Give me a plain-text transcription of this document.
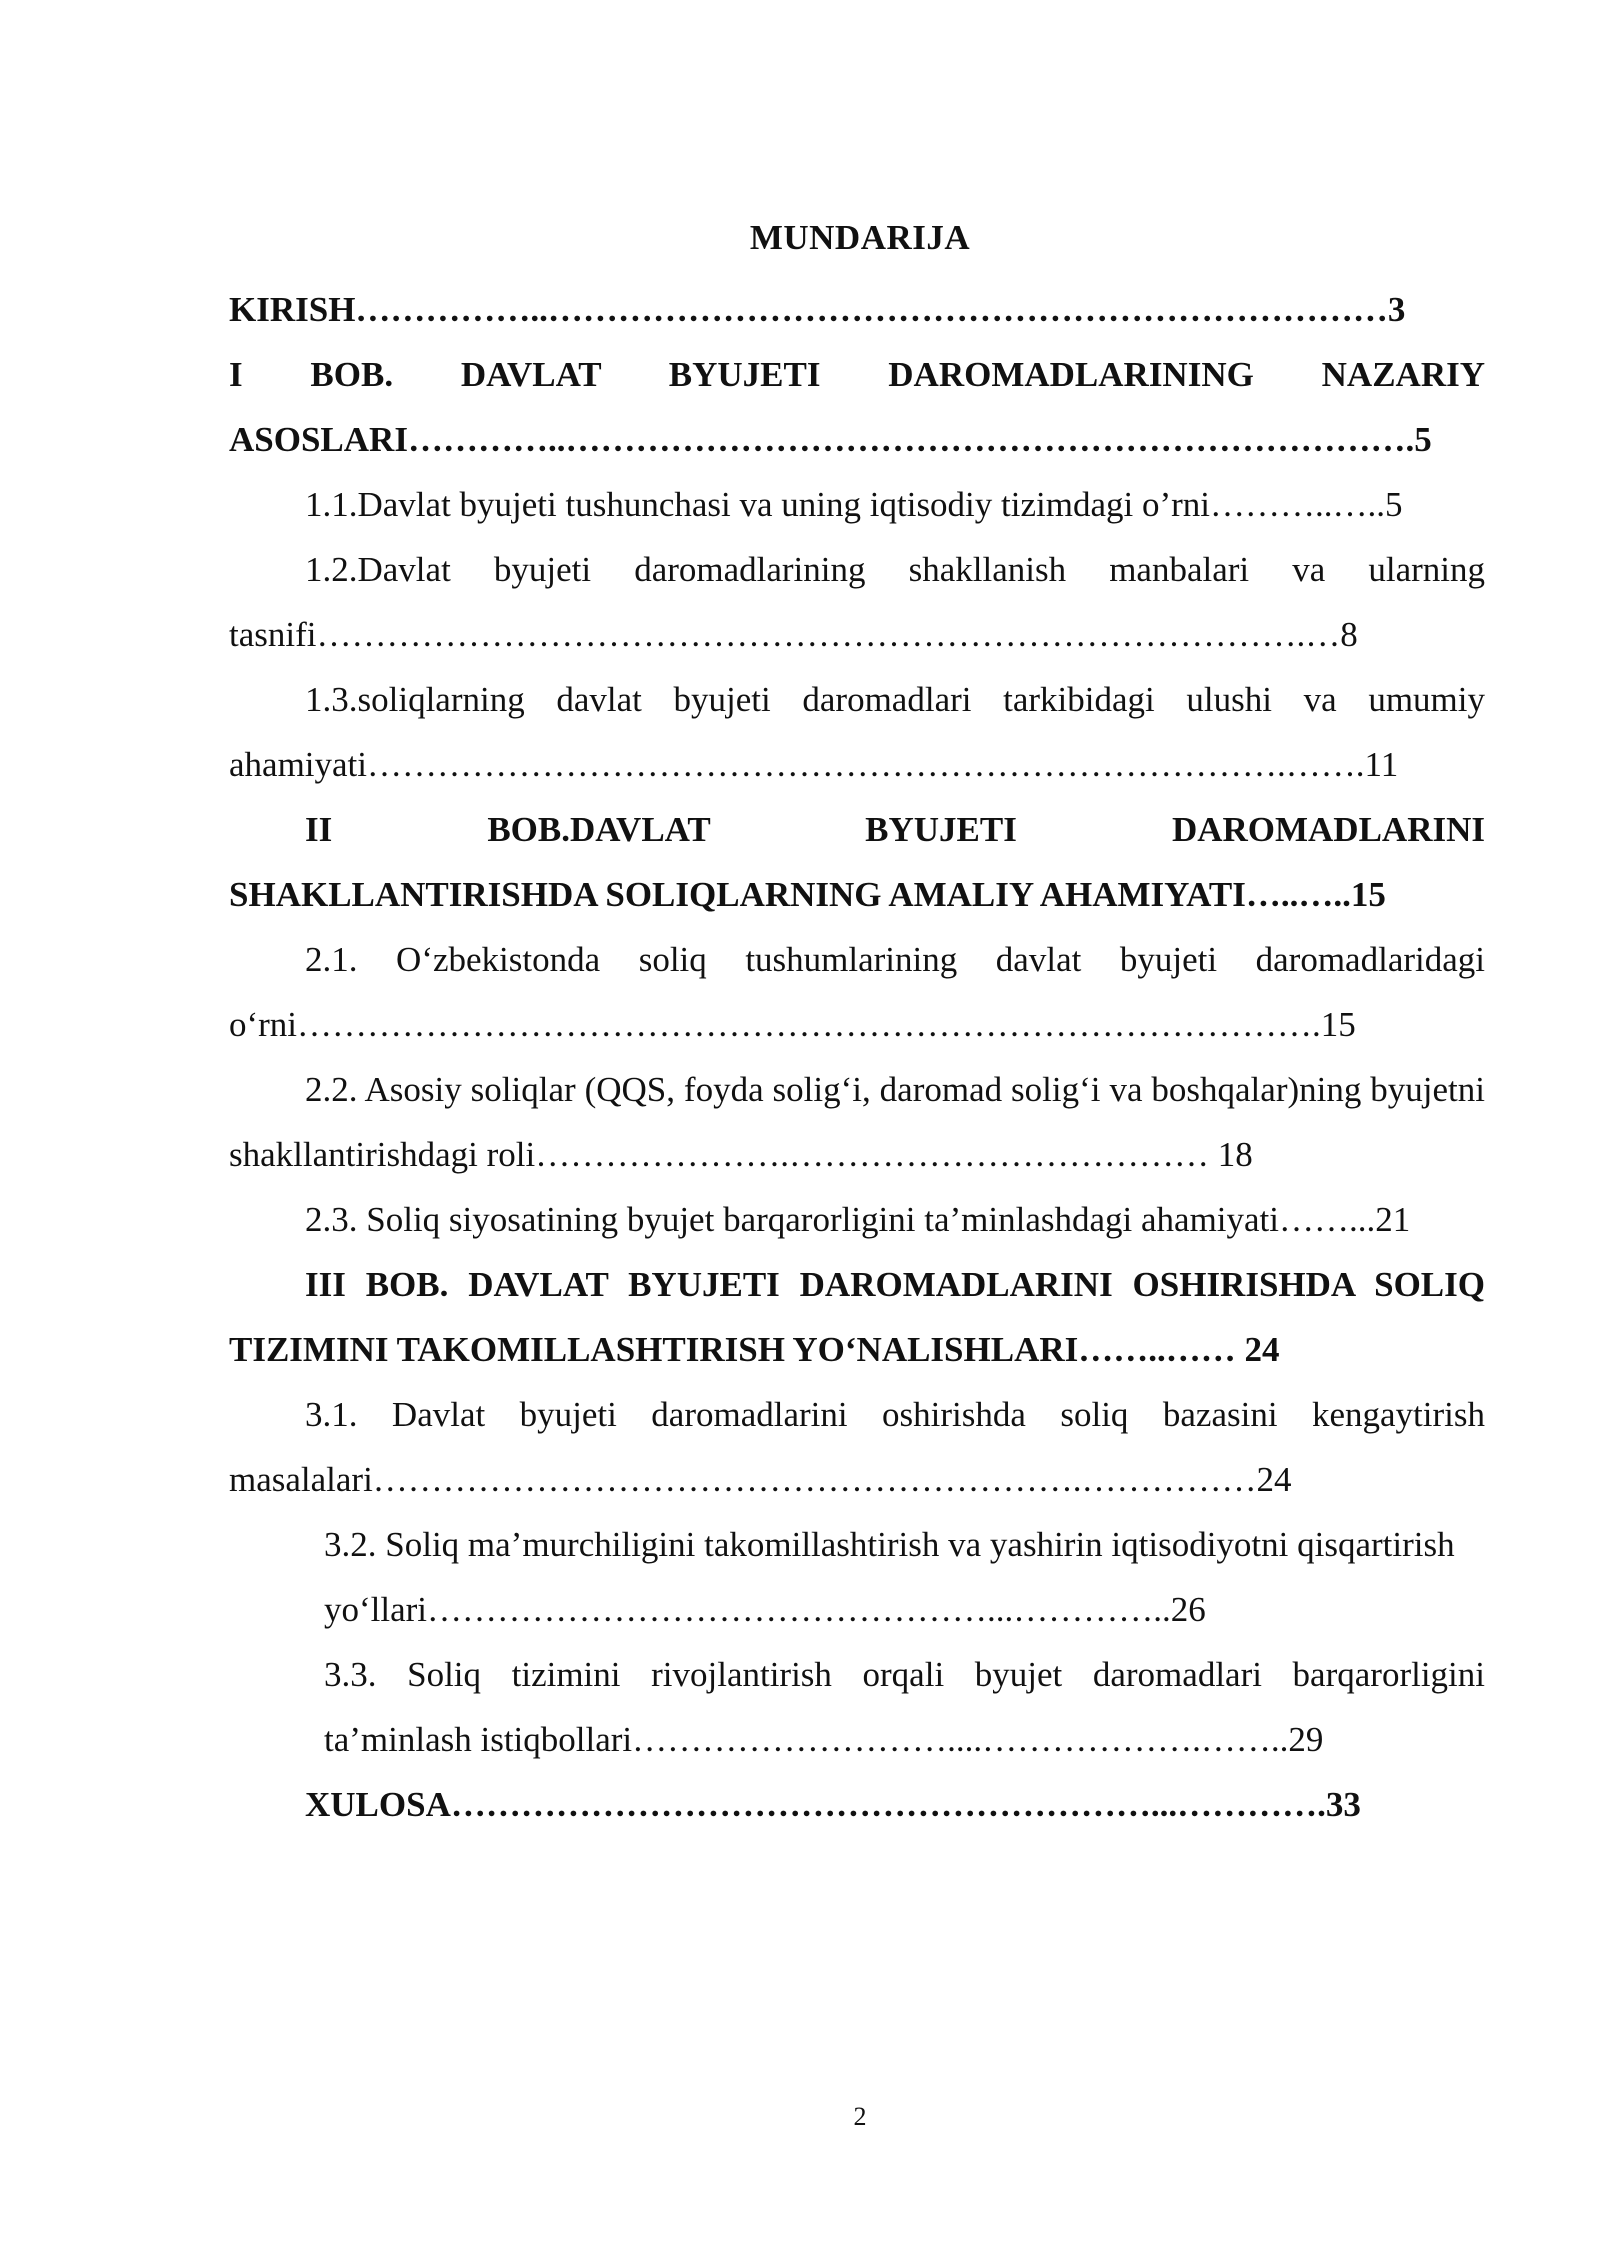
MUNDARIJA

KIRISH……………..………………………………………………………………3

I BOB. DAVLAT BYUJETI DAROMADLARINING NAZARIY

ASOSLARI…………..……………………………………………………………….5

1.1.Davlat byujeti tushunchasi va uning iqtisodiy tizimdagi o’rni………..…..5

1.2.Davlat byujeti daromadlarining shakllanish manbalari va ularning tasnifi………………………………………………………………………….…8

1.3.soliqlarning davlat byujeti daromadlari tarkibidagi ulushi va umumiy ahamiyati…………………………………………………………………….…….11

II BOB.DAVLAT BYUJETI DAROMADLARINI

SHAKLLANTIRISHDA SOLIQLARNING AMALIY AHAMIYATI…..…..15

2.1. O‘zbekistonda soliq tushumlarining davlat byujeti daromadlaridagi o‘rni…………………………………………………………………………….15

2.2. Asosiy soliqlar (QQS, foyda solig‘i, daromad solig‘i va boshqalar)ning byujetni shakllantirishdagi roli………………….……………………………… 18

2.3. Soliq siyosatining byujet barqarorligini ta’minlashdagi ahamiyati……...21

III BOB. DAVLAT BYUJETI DAROMADLARINI OSHIRISHDA SOLIQ TIZIMINI TAKOMILLASHTIRISH YO‘NALISHLARI……..…… 24

3.1. Davlat byujeti daromadlarini oshirishda soliq bazasini kengaytirish masalalari…………………………………………………….……………24

3.2. Soliq ma’murchiligini takomillashtirish va yashirin iqtisodiyotni qisqartirish

yo‘llari…………………………………………...…………..26

3.3. Soliq tizimini rivojlantirish orqali byujet daromadlari barqarorligini ta’minlash istiqbollari………………………....……………….……..29

XULOSA……………………………………………………...………….33

2
